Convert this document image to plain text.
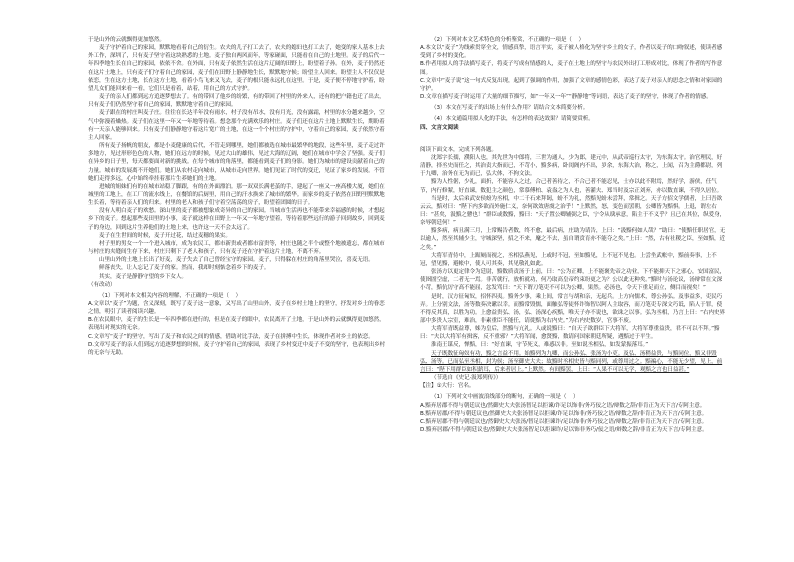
于是山外的云就飘得更加悠然。

麦子守护着自己的家园，默默地看着自己的衍生。农夫的儿子打工去了，农夫的媳妇也打工去了，她变的家人基本上去外工作，深圳了，只有麦子坚守着这块熟悉的土地。麦子独自两风而年，等家碰面，只能看在自己的土地里。麦子的后代一年四季地生长在自己的家园，依依不舍。在外面，只有麦子依然生活在这片辽阔的田野上，盼望着子孙。在外，麦子仍然还在这片土地上，只有麦子们守着自己的家园，麦子们在田野上静静地生长，默默地守候；盼望主人回来。盼望主人不仅仅是依恋，生在这方土地，长在这方土地，看着小鸟飞来又飞去，麦子的根只能永远扎在这里。于是，麦子便不停地守护着，盼望儿女们能回来看一看，它们只是看着，站着，用自己的方式守护。

麦子的亲人们都到远方追逐梦想去了。有的带回了他乡的纷繁，有的带回了村里的外来人，还有的把户籍也迁了出去，只有麦子们仍然坚守着自己的家园，默默地守着自己的家园。

麦子跟在的村庄叫麦子庄。往往在长达半年没有雨水，村子没有吊水，没有月光，没有露霜，村里的水分越来越少，空气中弥漫着燥热。麦子们在这里一年又一年地等待着。想念那个充满欢乐的村庄。麦子们还在这片土地上默默生长，期盼着有一天亲人能够回来。只有麦子们静静地守着这片宽广的土地，在这一个个村庄的守护中，守着自己的家园，麦子依然守着主人回家。

所有麦子扬帆的朋友，都是小麦健康的后代，不管走到哪里，她们都被选在城市最繁华的地段，这些年里，麦子走过许多地方，见过形形色色的人物，她们在远方的时候，见过大山的雄伟，见过大海的辽阔，她们在城市中学会了坚强。麦子们在异乡的日子里，每天都要面对新的挑战。在每个城市的角落里，都能看到麦子们的身影。她们为城市的建设贡献着自己的力量。城市的发展离不开她们。她们从农村走向城市，从城市走向世界。她们见证了时代的变迁，见证了家乡的发展。不管她们走得多远，心中始终牵挂着那片生养她们的土地。

进城的姐妹们有的在城市站稳了脚跟，有的在外面漂泊。那一双双长满老茧的手，建起了一座又一座高楼大厦，她们在城里的工地上，在工厂的流水线上，在餐馆的后厨里，用自己的汗水换来了城市的繁华。而家乡的麦子依然在田野里默默地生长着，等待着亲人们的归来。村里的老人和孩子们守着空荡荡的房子，盼望着团圆的日子。

没有人明白麦子的欢愁。深山里的麦子都被想象成奇异的自己的家园。当城市生活再也不能带来幸福感的时候，才想起乡下的麦子。想起那些麦田里的小事，麦子就这样在田野上一年又一年地守望着，等待着那些远行的游子回到故乡，回到麦子的身边，回到这片生养他们的土地上来，也许这一天不会太远了。

麦子在生世间的时候，麦子开过花，结过麦穗的果实。

村子里的男女一个一个进入城市，成为农民工，都市新贵或者都市富贵等，村庄也随之半个或整个地被遗忘，都在城市与村庄的夹缝间生存下来，村庄只剩下了老人和孩子，只有麦子还在守护着这片土地，不离不弃。

山里山外的土地上长出了好麦，麦子失去了自己曾经宝守的家园。麦子，只得躲在村庄的角落里哭泣，喜麦无语。

鲜落丧失，让人忘记了麦子的家。然而，我却时刻惦念着乡下的麦子。

其实，麦子是静静守望的乡下女人。

（有改动）

（1）下列对本文相关内容的理解，不正确的一项是（    ）

A.文章以“麦子”为题，含义深刻，既写了麦子这一意象，又写出了山里山外，麦子在乡村土地上的坚守，抒发对乡土的眷恋之情，明引了读者阅读兴趣。

B.在农民眼中，麦子的生长是一年四季都在进行的，但是在麦子的眼中，农民离开了土地，于是山外的云就飘得更加悠然，表现出对现实的无奈。

C.文章写“麦子”的坚守，写出了麦子和农民之间的情感，借助对比手法，麦子在拼搏中生长，体现作者对乡土的依恋。

D.文章写麦子的亲人们到远方追逐梦想的时候，麦子守护着自己的家园，表现了乡村变迁中麦子不变的坚守，也表现出乡村的无奈与无助。

（2）下列对本文艺术特色的分析鉴赏，不正确的一项是（    ）

A.本文以“麦子”为线索贯穿全文，情感真挚，语言平实，麦子被人格化为坚守乡土的女子，作者以麦子的口吻叙述，使读者感受到了乡村的变化。

B.作者用拟人的手法描写麦子，将麦子写成有情感的人，麦子在土地上的坚守与农民外出打工形成对比，体现了作者的写作意图。

C.文章中“麦子说”这一句式反复出现，起到了强调的作用，加强了文章的感情色彩，表达了麦子对亲人的思念之情和对家园的守护。

D.文章在描写麦子时运用了大量的细节描写，如“一年又一年”“静静地”等词语，表达了麦子的坚守，体现了作者的情感。

（3）本文在写麦子的出场上有什么作用？请结合文本简要分析。

（4）本文通篇用拟人化的手法，有怎样的表达效果？请简要赏析。

四、文言文阅读

阅读下面文本，完成下列各题。

沈郑字长孺，濮阳人也，其先世为中郎将，三世为通人，少为郎，建元中，从武帝巡行太守，为东海太守。治官理民，好清静，择丞史而任之，其治责大指而已，不苛小，黯多病，卧闺阁内不出，岁余，东海大治，称之，上闻，召为主爵都尉，列于九卿，治务在无为而已，弘大体，不拘文法。

黯为人性倨，少礼，面折，不能容人之过，合己者善待之，不合己者不能忍见，士亦以此不附焉，然好学，游侠，任气节，内行修絜，好直谏，数犯主之颜色，常慕傅柏、袁盎之为人也，善灌夫、郑当时及宗正刘弃，亦以数直谏，不得久居位。

当是时，太后弟武安侯蚡为丞相，中二千石来拜谒，蚡不为礼，然黯见蚡未尝拜，常揖之。天子方招文学儒者，上曰吾欲云云，黯对曰：“陛下内多欲而外施仁义，奈何欲效唐虞之治乎！”上默然，怒，变色而罢朝，公卿皆为黯惧。上退，谓左右曰：“甚矣，汲黯之戆也！”群臣或数黯，黯曰：“天子置公卿辅弼之臣，宁令从谀承意，陷主于不义乎？且已在其位，纵爱身，奈辱朝廷何！”

黯多病，病且满三月，上常赐告者数，终不愈，最后病，庄助为请告，上曰：“汲黯何如人哉？”助曰：“使黯任职居官，无以逾人，然至其辅少主，守城深坚，招之不来，麾之不去，虽自谓贲育亦不能夺之矣。”上曰：“然，古有社稷之臣，至如黯，近之矣。”

大将军青侍中，上踞厕而视之，丞相弘燕见，上或时不冠，至如黯见，上不冠不见也。上尝坐武帐中，黯前奏事，上不冠，望见黯，避帐中，使人可其奏，其见敬礼如此。

张汤方以更定律令为廷尉，黯数质责汤于上前，曰：“公为正卿，上不能褒先帝之功业，下不能抑天下之邪心，安国富民，使囹圄空虚，二者无一焉。非苦就行，放析就功，何乃取高皇帝约束纷更之为？公以此无种矣。”黯时与汤论议，汤辩常在文深小苛，黯伉厉守高不能屈，忿发骂曰：“天下谓刀笔吏不可以为公卿，果然。必汤也，令天下重足而立，侧目而视矣！”

是时，汉方征匈奴，招怀四夷。黯务少事，乘上间，常言与胡和亲，无起兵。上方向儒术，尊公孙弘。及事益多，吏民巧弄。上分别文法，汤等数奏决谳以幸。而黯常毁儒，面触弘等徒怀诈饰智以阿人主取容，而刀笔吏专深文巧诋，陷人于罪，使不得反其真，以胜为功。上愈益贵弘、汤，弘、汤深心疾黯，唯天子亦不说也，欲诛之以事。弘为丞相，乃言上曰：“右内史界部中多贵人宗室，难治，非素重臣不能任，请徙黯为右内史。”为右内史数岁，官事不废。

大将军青既益尊，姊为皇后，然黯与亢礼。人或说黯曰：“自天子欲群臣下大将军，大将军尊重益贵，君不可以不拜。”黯曰：“夫以大将军有揖客，反不重邪？”大将军闻，愈贤黯，数请问国家朝廷所疑，遇黯过于平生。

淮南王谋反，惮黯，曰：“好直谏，守节死义，难惑以非。至如说丞相弘，如发蒙振落耳。”

天子既数征匈奴有功，黯之言益不用。始黯列为九卿，而公孙弘、张汤为小吏。及弘、汤稍益贵，与黯同位，黯又非毁弘、汤等。已而弘至丞相，封为侯；汤至御史大夫；故黯时丞相史皆与黯同列，或尊用过之。黯褊心，不能无少望，见上，前言曰：“陛下用群臣如积薪耳，后来者居上。”上默然。有间黯罢，上曰：“人果不可以无学，观黯之言也日益甚。”

（节选自《史记·汲郑列传》）

【注】①大行：官名。

（1）下列对文中画波浪线部分的断句，正确的一项是（    ）

A.黯弃居郡不得与朝廷议也/然御史大夫张汤智足以拒谏/诈足以饰非/务巧佞之语/辩数之辞/非肯正为天下言/专阿主意。

B.黯弃居郡/不得与朝廷议也/然御史大夫张汤智足以拒谏/诈足以饰非/务巧佞之语/辩数之辞/非肯正为天下言/专阿主意。

C.黯弃居郡不得与朝廷议也/然御史大夫张汤/智足以拒谏诈/足以饰非/务巧佞之语/辩数之辞/非肯正为天下言/专阿主意。

D.黯弃居郡/不得与朝廷议也/然御史大夫张汤智足以拒谏诈/足以饰非务巧/佞之语/辩数之辞/非肯正为天下言/专阿主意。
